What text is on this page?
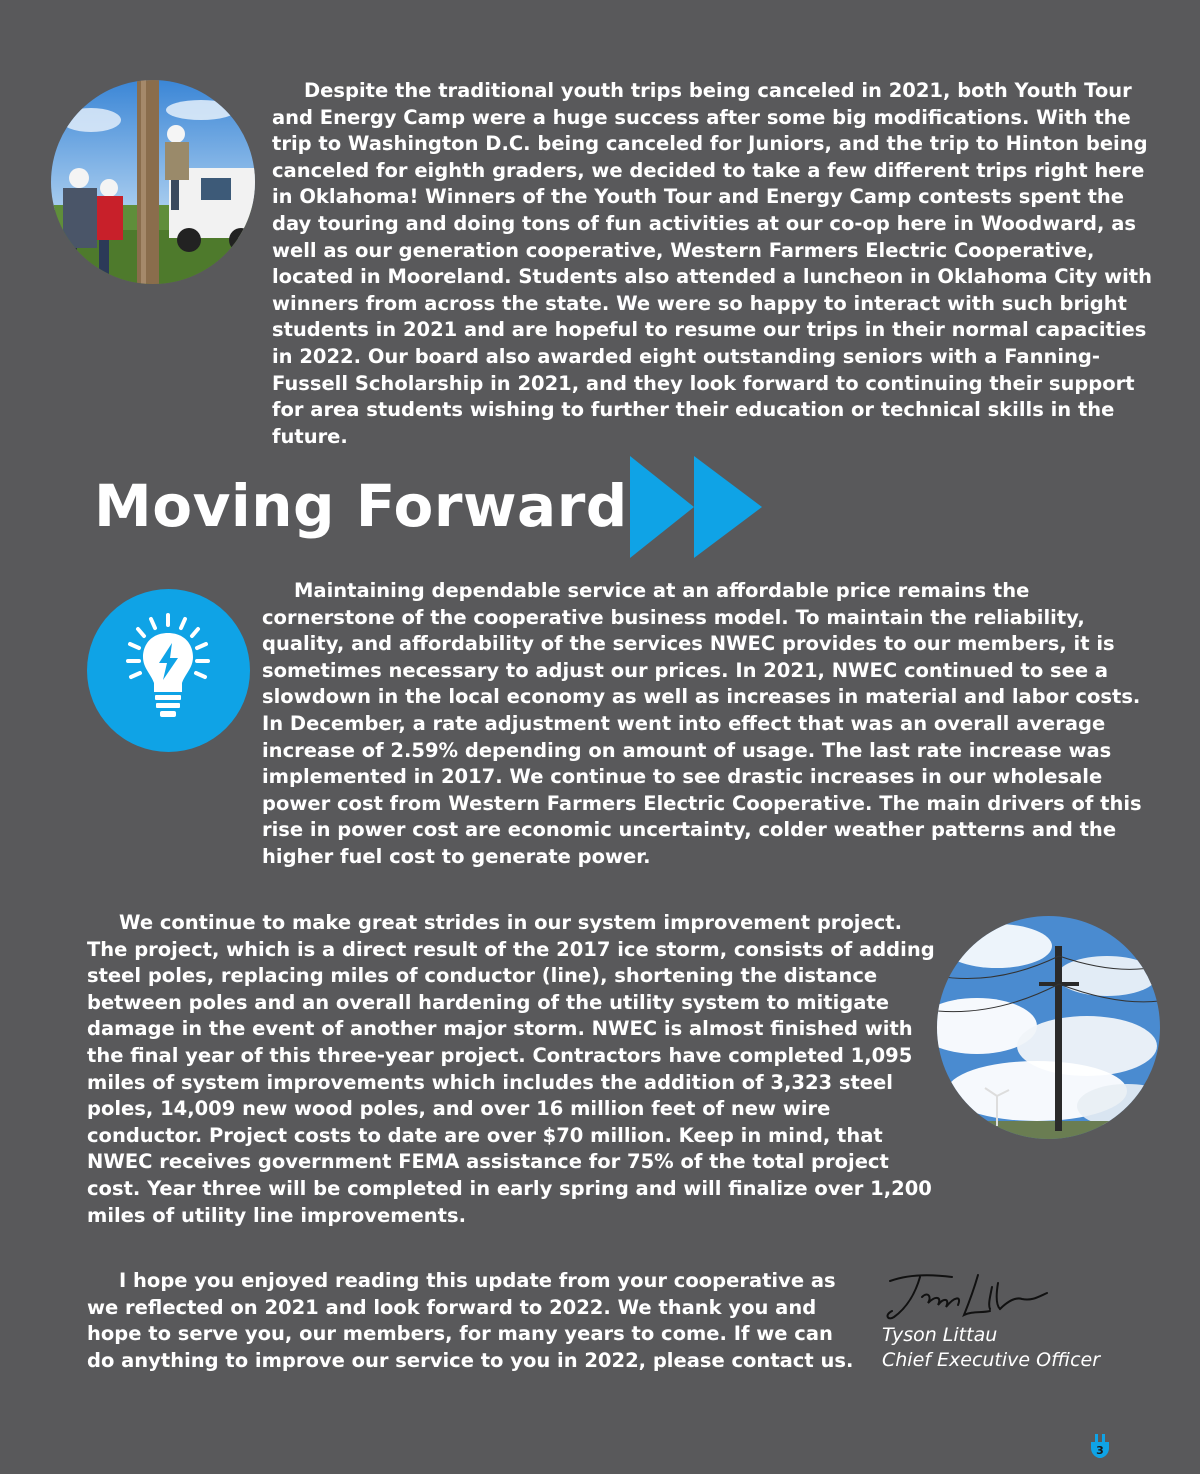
Despite the traditional youth trips being canceled in 2021, both Youth Tour and Energy Camp were a huge success after some big modifications. With the trip to Washington D.C. being canceled for Juniors, and the trip to Hinton being canceled for eighth graders, we decided to take a few different trips right here in Oklahoma! Winners of the Youth Tour and Energy Camp contests spent the day touring and doing tons of fun activities at our co-op here in Woodward, as well as our generation cooperative, Western Farmers Electric Cooperative, located in Mooreland. Students also attended a luncheon in Oklahoma City with winners from across the state. We were so happy to interact with such bright students in 2021 and are hopeful to resume our trips in their normal capacities in 2022. Our board also awarded eight outstanding seniors with a Fanning-Fussell Scholarship in 2021, and they look forward to continuing their support for area students wishing to further their education or technical skills in the future.

Moving Forward

Maintaining dependable service at an affordable price remains the cornerstone of the cooperative business model. To maintain the reliability, quality, and affordability of the services NWEC provides to our members, it is sometimes necessary to adjust our prices. In 2021, NWEC continued to see a slowdown in the local economy as well as increases in material and labor costs. In December, a rate adjustment went into effect that was an overall average increase of 2.59% depending on amount of usage. The last rate increase was implemented in 2017. We continue to see drastic increases in our wholesale power cost from Western Farmers Electric Cooperative. The main drivers of this rise in power cost are economic uncertainty, colder weather patterns and the higher fuel cost to generate power.

We continue to make great strides in our system improvement project. The project, which is a direct result of the 2017 ice storm, consists of adding steel poles, replacing miles of conductor (line), shortening the distance between poles and an overall hardening of the utility system to mitigate damage in the event of another major storm. NWEC is almost finished with the final year of this three-year project. Contractors have completed 1,095 miles of system improvements which includes the addition of 3,323 steel poles, 14,009 new wood poles, and over 16 million feet of new wire conductor. Project costs to date are over $70 million. Keep in mind, that NWEC receives government FEMA assistance for 75% of the total project cost. Year three will be completed in early spring and will finalize over 1,200 miles of utility line improvements.

I hope you enjoyed reading this update from your cooperative as we reflected on 2021 and look forward to 2022. We thank you and hope to serve you, our members, for many years to come. If we can do anything to improve our service to you in 2022, please contact us.

Tyson Littau

Chief Executive Officer

3
